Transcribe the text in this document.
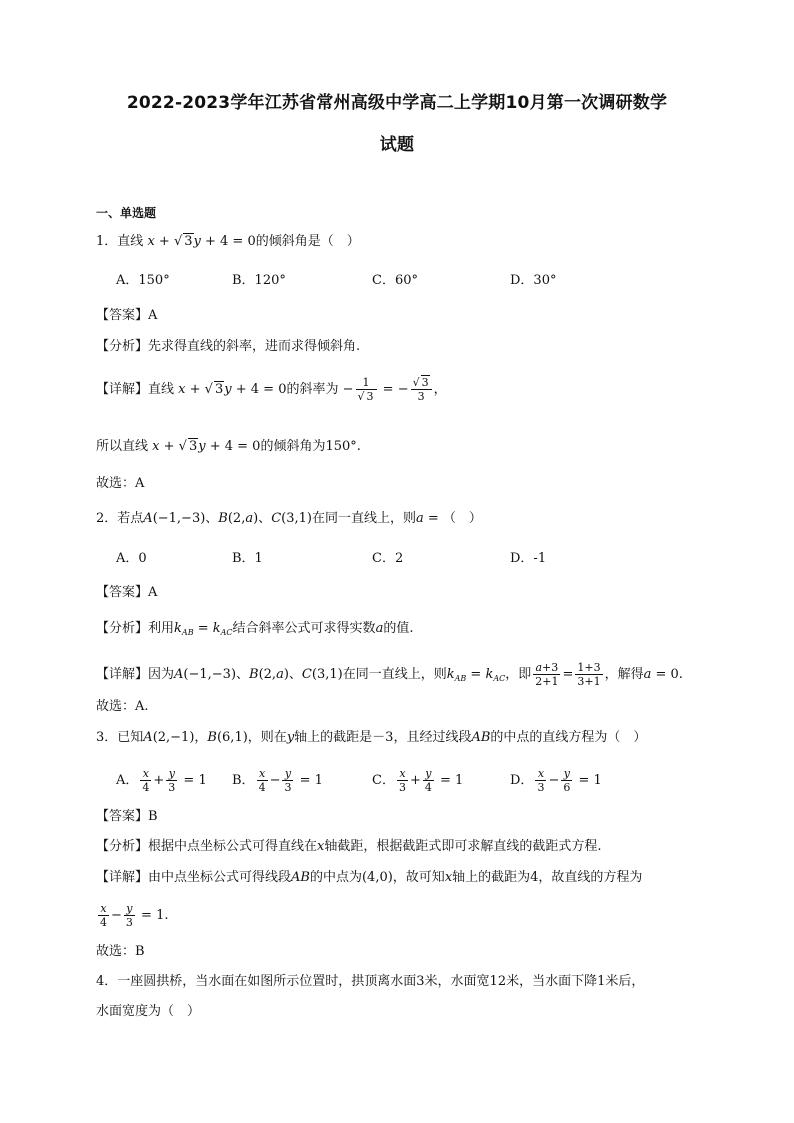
2022-2023学年江苏省常州高级中学高二上学期10月第一次调研数学
试题
一、单选题
1．直线 x + √ 3y + 4 = 0的倾斜角是（　）
A．150°	B．120°	C．60°	D．30°
【答案】A
【分析】先求得直线的斜率，进而求得倾斜角.
【详解】直线 x + √ 3y + 4 = 0的斜率为 − $\frac{1}{√ 3}$ = − $\frac{√ 3}{3}$ ，
所以直线 x + √ 3y + 4 = 0的倾斜角为150°.
故选：A
2．若点A(−1,−3)、B(2,a)、C(3,1)在同一直线上，则a = （　）
A．0	B．1	C．2	D．-1
【答案】A
【分析】利用$k_{AB} = k_{AC}$结合斜率公式可求得实数a的值.
【详解】因为A(−1,−3)、B(2,a)、C(3,1)在同一直线上，则$k_{AB} = k_{AC}$，即 $\frac{a+3}{2+1} = \frac{1+3}{3+1}$ ，解得a = 0.
故选：A.
3．已知A(2,−1)，B(6,1)，则在y轴上的截距是－3，且经过线段AB的中点的直线方程为（　）
A． $\frac{x}{4} + \frac{y}{3} = 1$ B． $\frac{x}{4} - \frac{y}{3} = 1$	C． $\frac{x}{3} + \frac{y}{4} = 1$	D． $\frac{x}{3} - \frac{y}{6} = 1$
【答案】B
【分析】根据中点坐标公式可得直线在x轴截距，根据截距式即可求解直线的截距式方程.
【详解】由中点坐标公式可得线段AB的中点为(4,0)，故可知x轴上的截距为4，故直线的方程为
$\frac{x}{4} - \frac{y}{3} = 1$.
故选：B
4．一座圆拱桥，当水面在如图所示位置时，拱顶离水面3米，水面宽12米，当水面下降1米后，
水面宽度为（　）
